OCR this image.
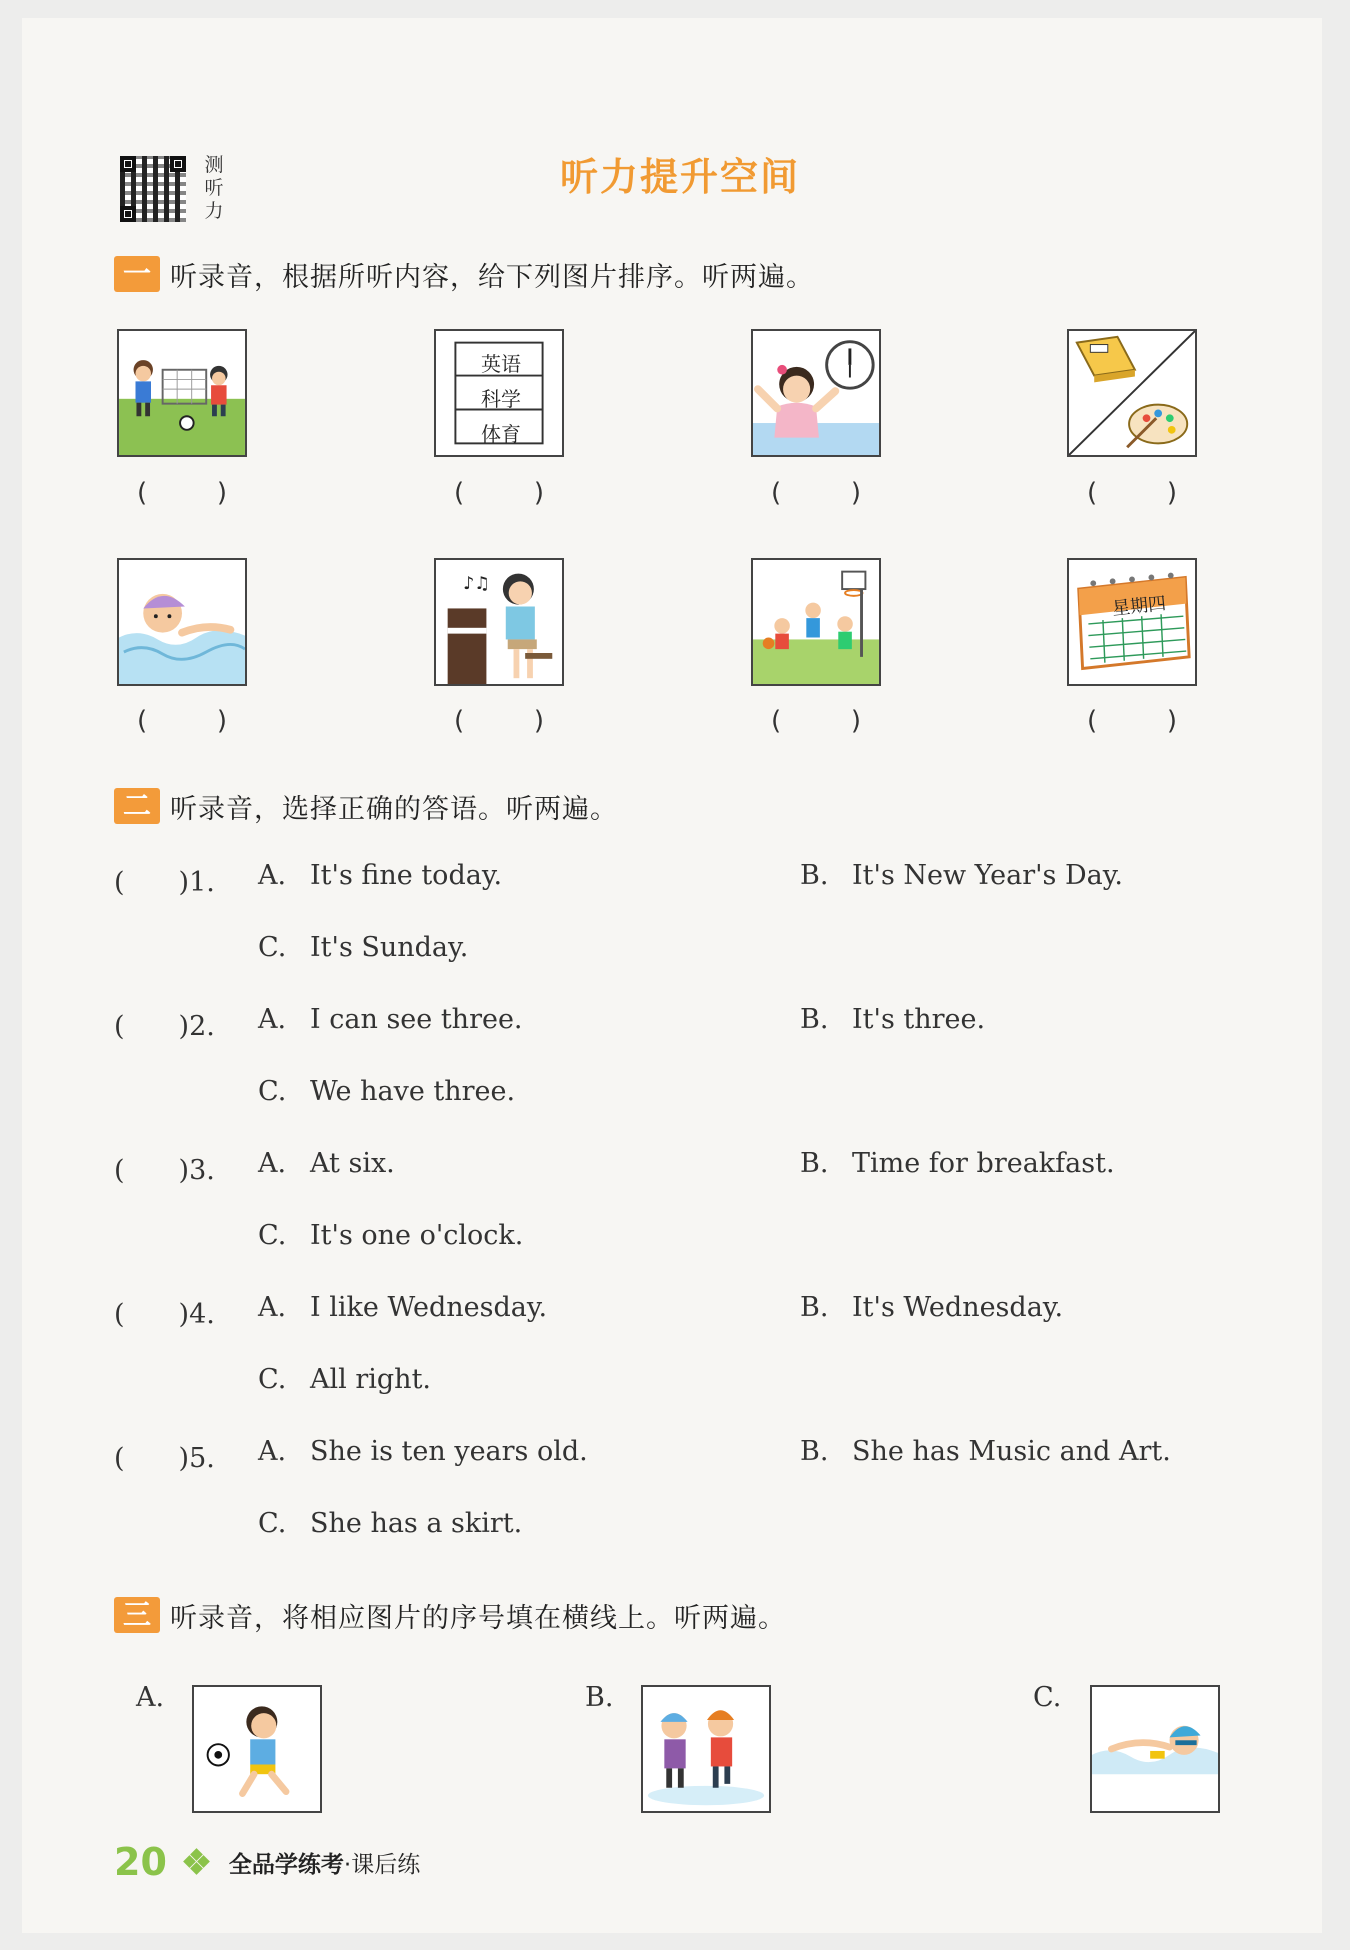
测
听
力
听力提升空间
一 听录音，根据所听内容，给下列图片排序。听两遍。
(	)
英语
科学
体育
(	)	(	)	(	)
(	)
♪♫
(	)	(	)
星期四
(	)
二 听录音，选择正确的答语。听两遍。
(　　)1. A. It's fine today.	B. It's New Year's Day.
C. It's Sunday.
(　　)2. A. I can see three.	B. It's three.
C. We have three.
(　　)3. A. At six.	B. Time for breakfast.
C. It's one o'clock.
(　　)4. A. I like Wednesday.	B. It's Wednesday.
C. All right.
(　　)5. A. She is ten years old.	B. She has Music and Art.
C. She has a skirt.
三 听录音，将相应图片的序号填在横线上。听两遍。
A.	B.	C.
20	全品学练考 ·课后练
